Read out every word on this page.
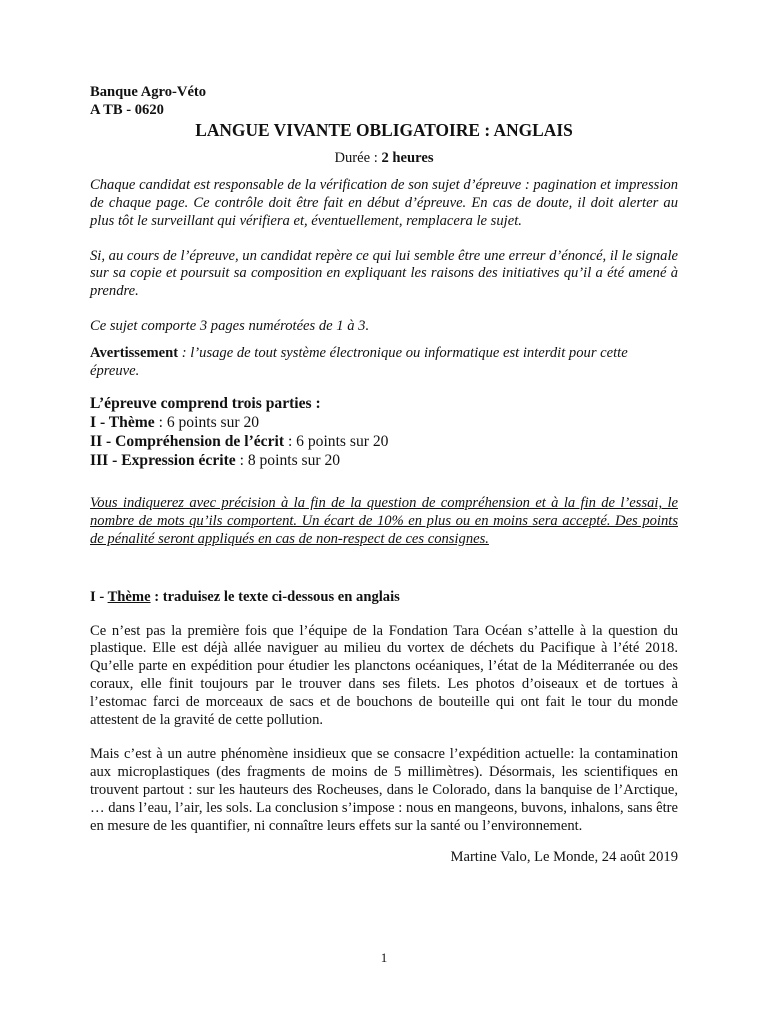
Banque Agro-Véto
A TB - 0620
LANGUE VIVANTE OBLIGATOIRE : ANGLAIS
Durée : 2 heures

Chaque candidat est responsable de la vérification de son sujet d’épreuve : pagination et impression de chaque page. Ce contrôle doit être fait en début d’épreuve. En cas de doute, il doit alerter au plus tôt le surveillant qui vérifiera et, éventuellement, remplacera le sujet.

Si, au cours de l’épreuve, un candidat repère ce qui lui semble être une erreur d’énoncé, il le signale sur sa copie et poursuit sa composition en expliquant les raisons des initiatives qu’il a été amené à prendre.

Ce sujet comporte 3 pages numérotées de 1 à 3.

Avertissement : l’usage de tout système électronique ou informatique est interdit pour cette épreuve.

L’épreuve comprend trois parties :
I - Thème : 6 points sur 20
II - Compréhension de l’écrit : 6 points sur 20
III - Expression écrite : 8 points sur 20

Vous indiquerez avec précision à la fin de la question de compréhension et à la fin de l’essai, le nombre de mots qu’ils comportent. Un écart de 10% en plus ou en moins sera accepté. Des points de pénalité seront appliqués en cas de non-respect de ces consignes.

I - Thème : traduisez le texte ci-dessous en anglais

Ce n’est pas la première fois que l’équipe de la Fondation Tara Océan s’attelle à la question du plastique. Elle est déjà allée naviguer au milieu du vortex de déchets du Pacifique à l’été 2018. Qu’elle parte en expédition pour étudier les planctons océaniques, l’état de la Méditerranée ou des coraux, elle finit toujours par le trouver dans ses filets. Les photos d’oiseaux et de tortues à l’estomac farci de morceaux de sacs et de bouchons de bouteille qui ont fait le tour du monde attestent de la gravité de cette pollution.

Mais c’est à un autre phénomène insidieux que se consacre l’expédition actuelle: la contamination aux microplastiques (des fragments de moins de 5 millimètres). Désormais, les scientifiques en trouvent partout : sur les hauteurs des Rocheuses, dans le Colorado, dans la banquise de l’Arctique, … dans l’eau, l’air, les sols. La conclusion s’impose : nous en mangeons, buvons, inhalons, sans être en mesure de les quantifier, ni connaître leurs effets sur la santé ou l’environnement.

Martine Valo, Le Monde, 24 août 2019

1
